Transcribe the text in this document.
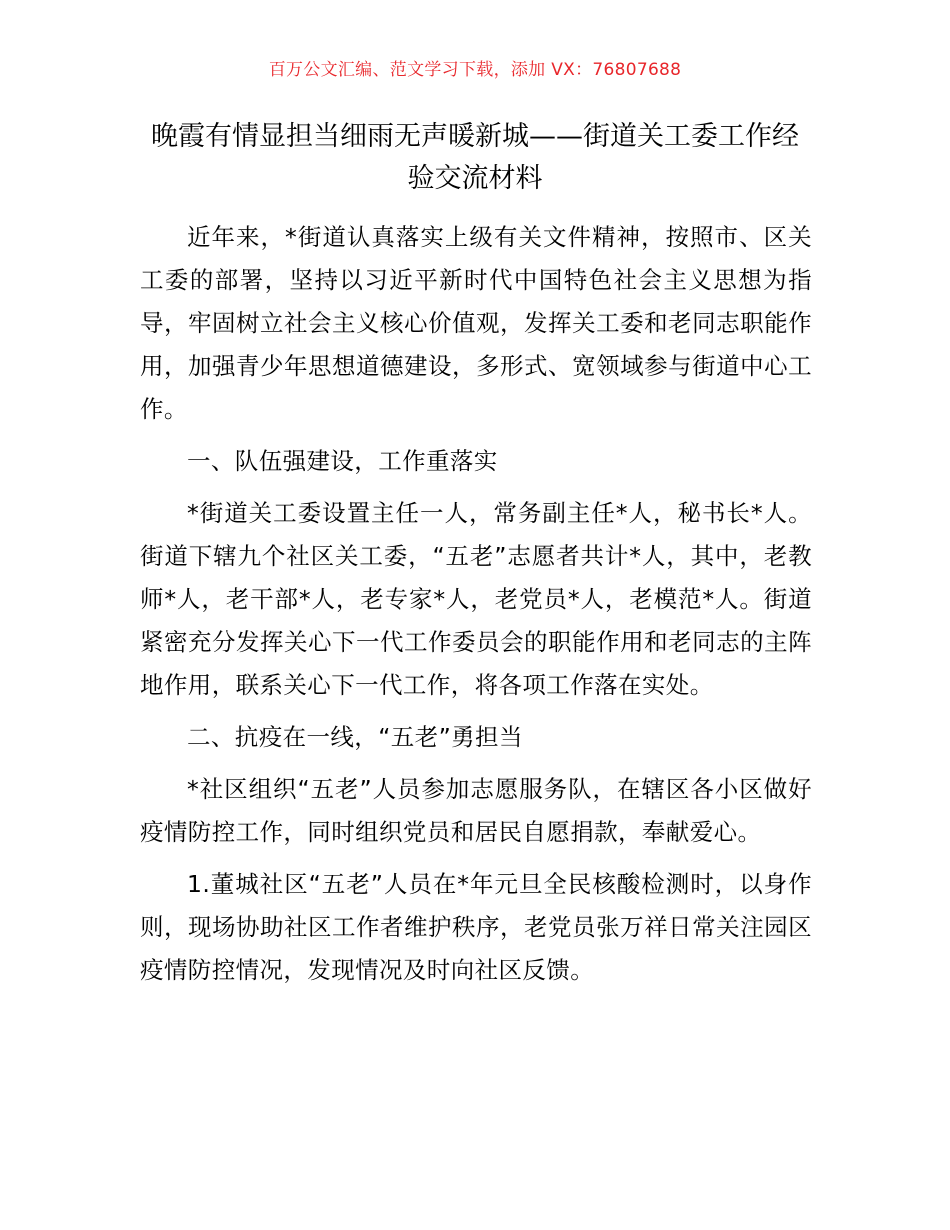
百万公文汇编、范文学习下载，添加 VX：76807688
晚霞有情显担当细雨无声暖新城——街道关工委工作经验交流材料

近年来，*街道认真落实上级有关文件精神，按照市、区关工委的部署，坚持以习近平新时代中国特色社会主义思想为指导，牢固树立社会主义核心价值观，发挥关工委和老同志职能作用，加强青少年思想道德建设，多形式、宽领域参与街道中心工作。

一、队伍强建设，工作重落实

*街道关工委设置主任一人，常务副主任*人，秘书长*人。街道下辖九个社区关工委，“五老”志愿者共计*人，其中，老教师*人，老干部*人，老专家*人，老党员*人，老模范*人。街道紧密充分发挥关心下一代工作委员会的职能作用和老同志的主阵地作用，联系关心下一代工作，将各项工作落在实处。

二、抗疫在一线，“五老”勇担当

*社区组织“五老”人员参加志愿服务队，在辖区各小区做好疫情防控工作，同时组织党员和居民自愿捐款，奉献爱心。

1.董城社区“五老”人员在*年元旦全民核酸检测时，以身作则，现场协助社区工作者维护秩序，老党员张万祥日常关注园区疫情防控情况，发现情况及时向社区反馈。
